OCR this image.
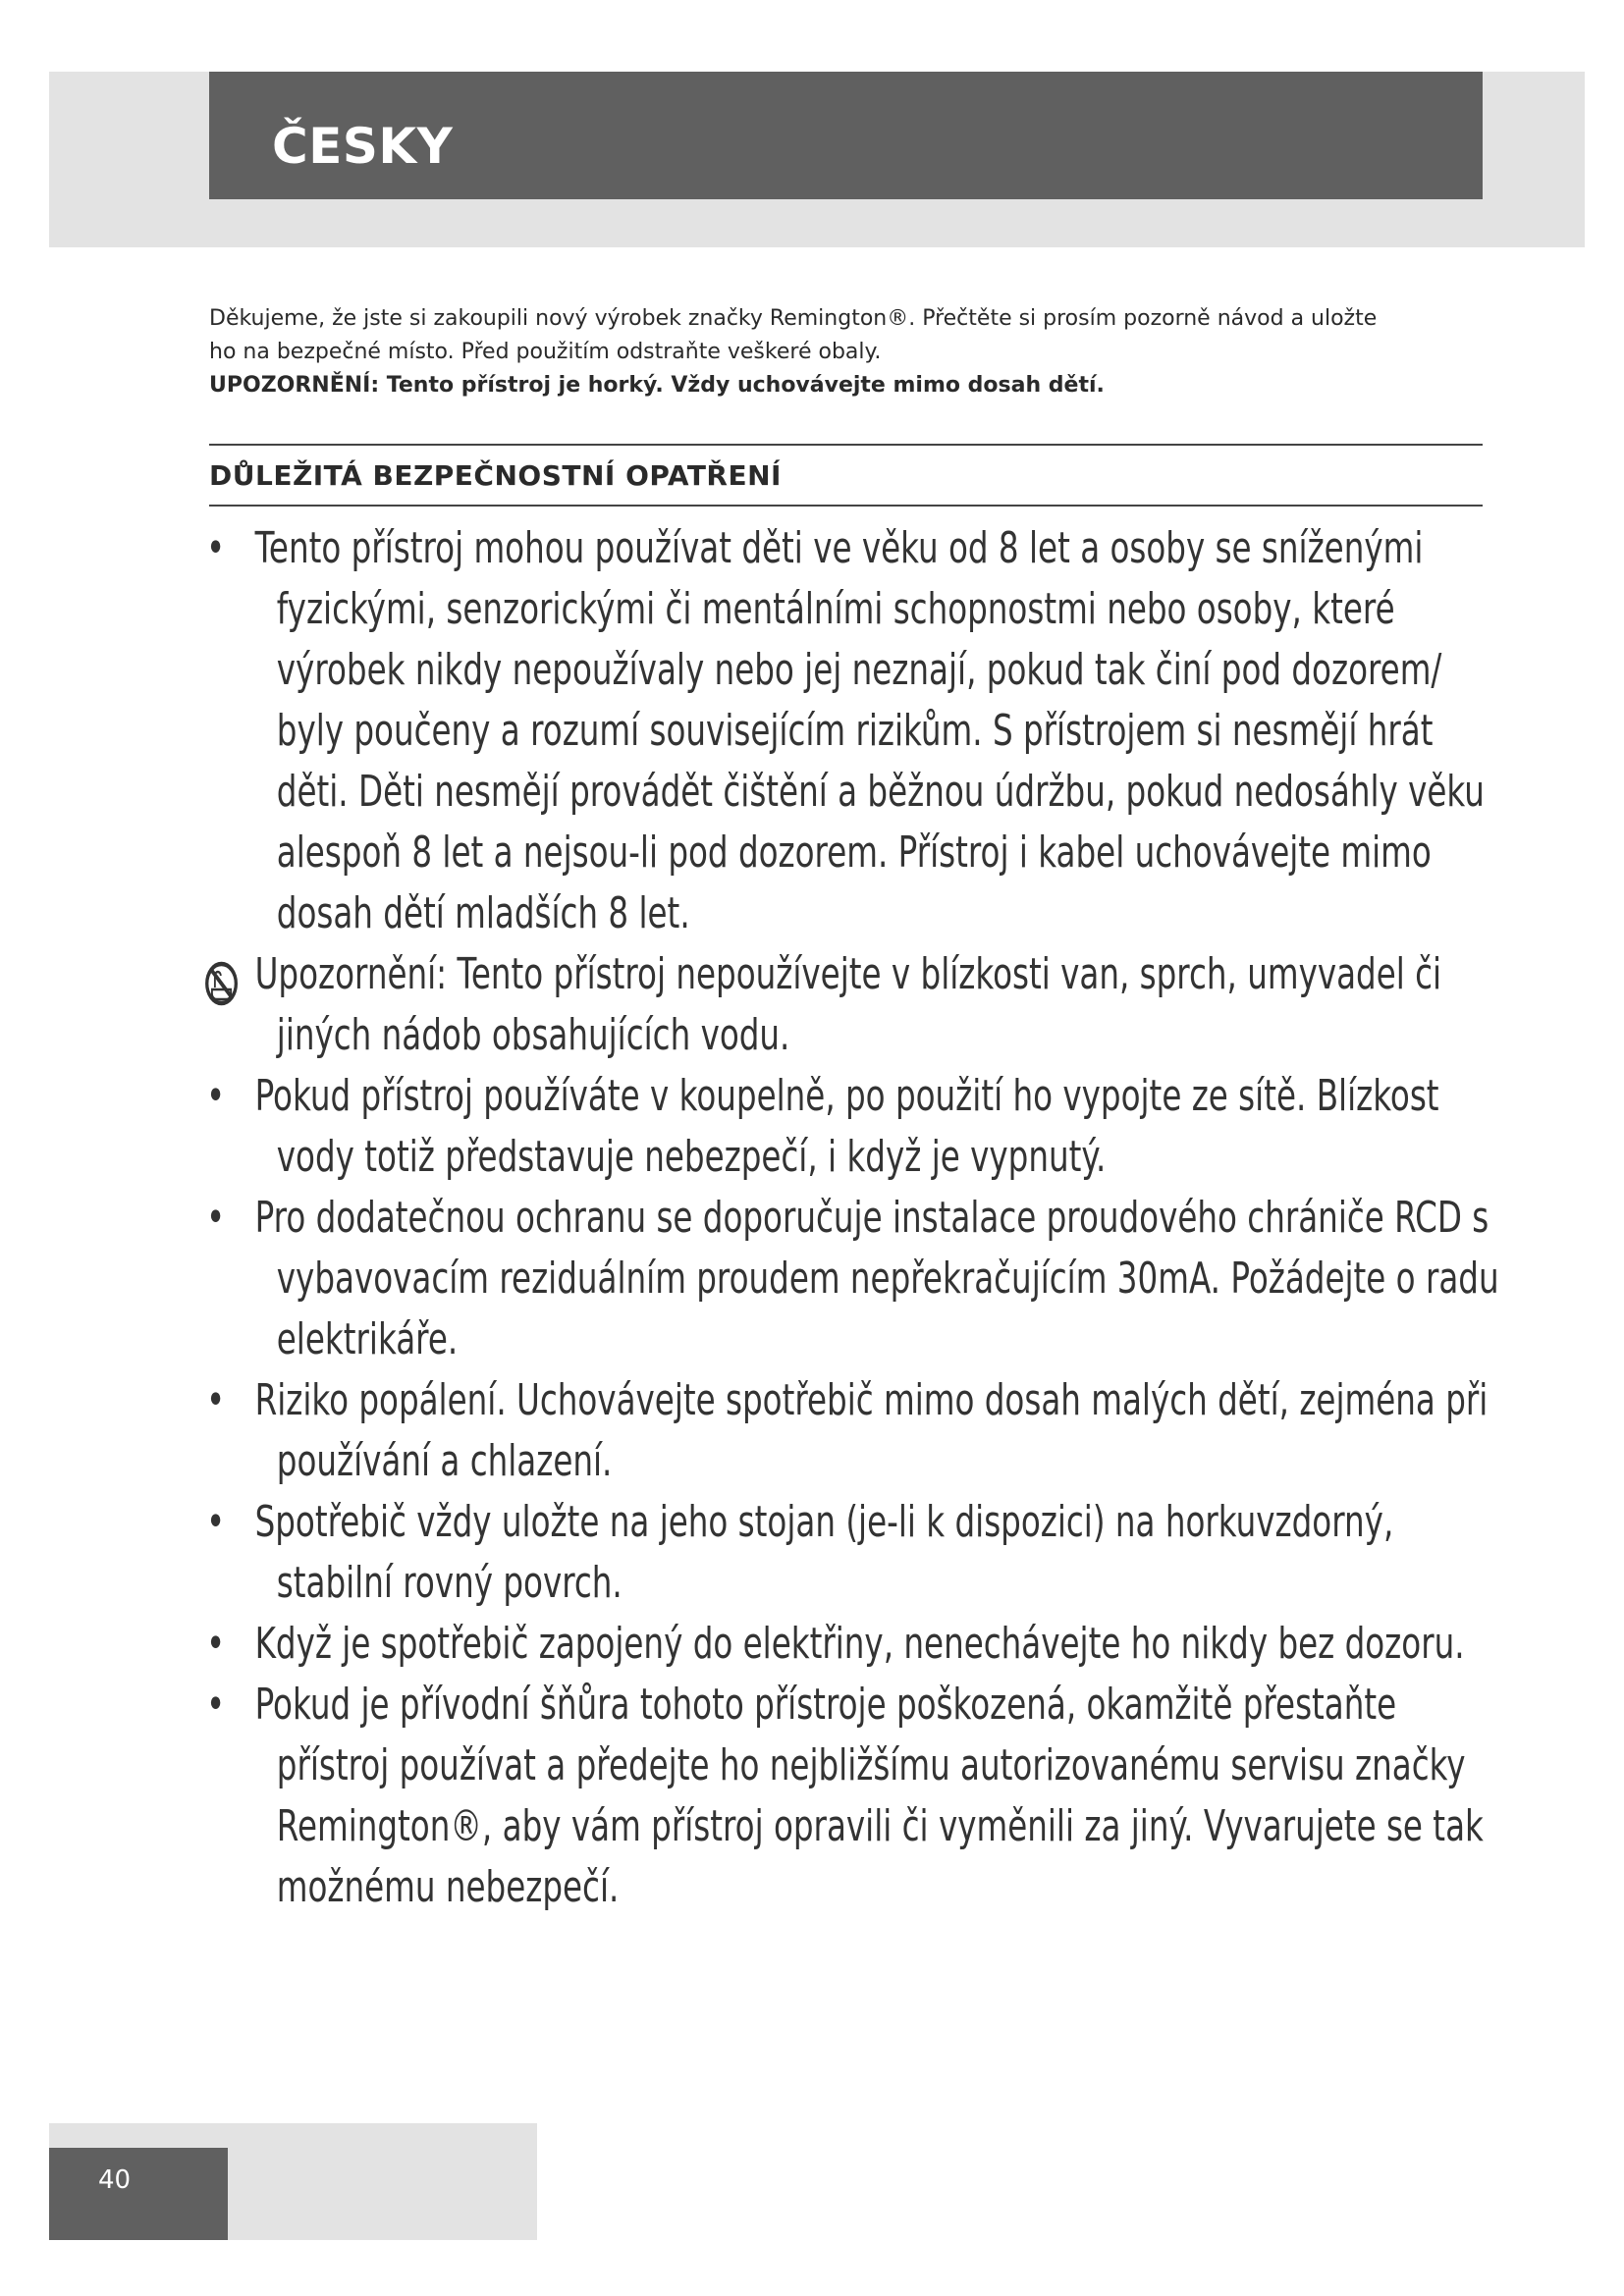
ČESKY

Děkujeme, že jste si zakoupili nový výrobek značky Remington®. Přečtěte si prosím pozorně návod a uložte

ho na bezpečné místo. Před použitím odstraňte veškeré obaly.

UPOZORNĚNÍ: Tento přístroj je horký. Vždy uchovávejte mimo dosah dětí.

DŮLEŽITÁ BEZPEČNOSTNÍ OPATŘENÍ
• Tento přístroj mohou používat děti ve věku od 8 let a osoby se sníženými fyzickými, senzorickými či mentálními schopnostmi nebo osoby, které výrobek nikdy nepoužívaly nebo jej neznají, pokud tak činí pod dozorem/ byly poučeny a rozumí souvisejícím rizikům. S přístrojem si nesmějí hrát děti. Děti nesmějí provádět čištění a běžnou údržbu, pokud nedosáhly věku alespoň 8 let a nejsou-li pod dozorem. Přístroj i kabel uchovávejte mimo dosah dětí mladších 8 let.
Upozornění: Tento přístroj nepoužívejte v blízkosti van, sprch, umyvadel či jiných nádob obsahujících vodu.
• Pokud přístroj používáte v koupelně, po použití ho vypojte ze sítě. Blízkost vody totiž představuje nebezpečí, i když je vypnutý.
• Pro dodatečnou ochranu se doporučuje instalace proudového chrániče RCD s vybavovacím reziduálním proudem nepřekračujícím 30mA. Požádejte o radu elektrikáře.
• Riziko popálení. Uchovávejte spotřebič mimo dosah malých dětí, zejména při používání a chlazení.
• Spotřebič vždy uložte na jeho stojan (je-li k dispozici) na horkuvzdorný, stabilní rovný povrch.
• Když je spotřebič zapojený do elektřiny, nenechávejte ho nikdy bez dozoru.
• Pokud je přívodní šňůra tohoto přístroje poškozená, okamžitě přestaňte přístroj používat a předejte ho nejbližšímu autorizovanému servisu značky Remington®, aby vám přístroj opravili či vyměnili za jiný. Vyvarujete se tak možnému nebezpečí.
40
